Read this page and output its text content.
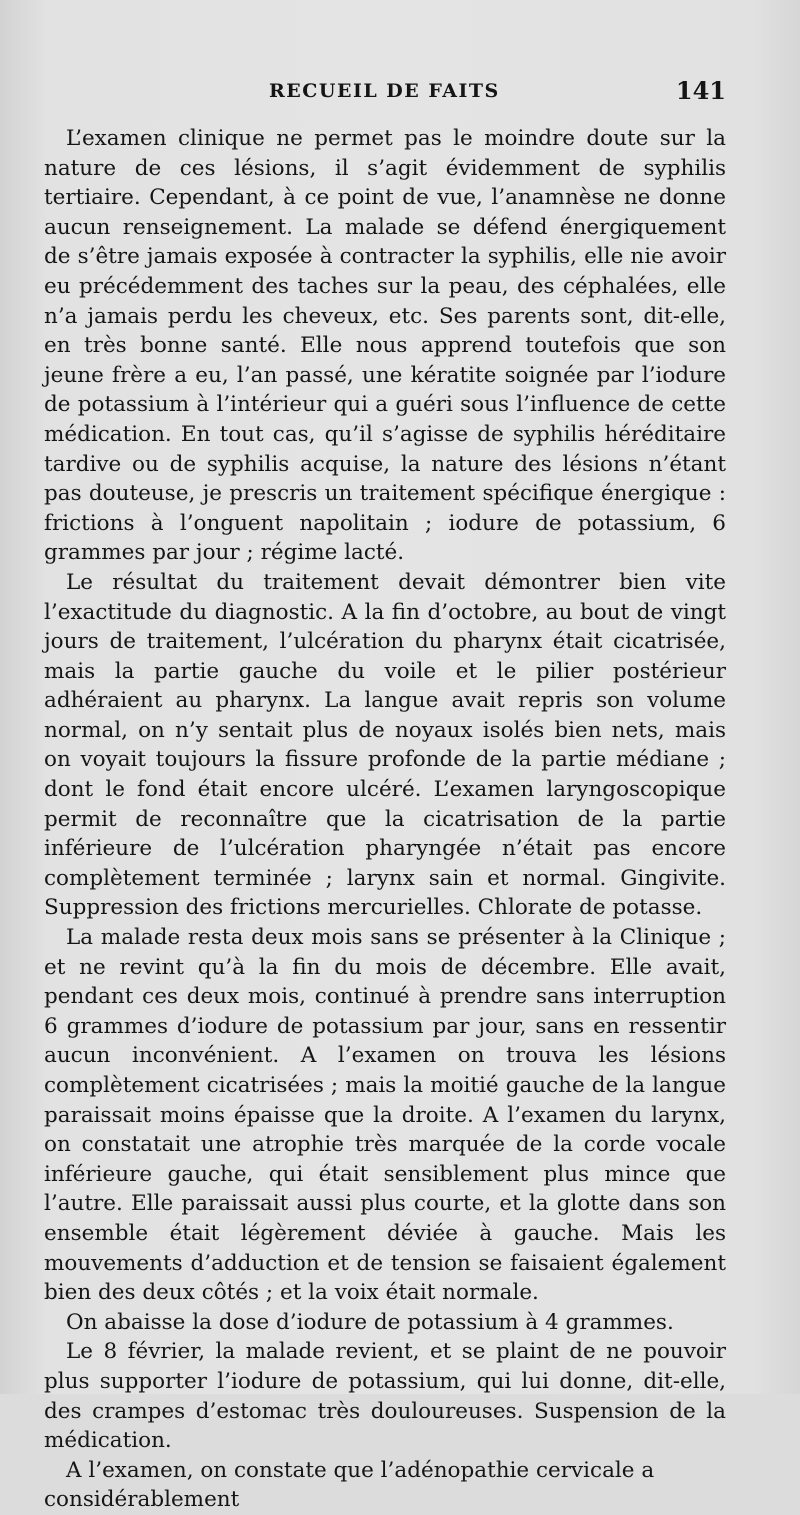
RECUEIL DE FAITS	141

L’examen clinique ne permet pas le moindre doute sur la nature de ces lésions, il s’agit évidemment de syphilis tertiaire. Cependant, à ce point de vue, l’anamnèse ne donne aucun renseignement. La malade se défend énergiquement de s’être jamais exposée à contracter la syphilis, elle nie avoir eu précédemment des taches sur la peau, des céphalées, elle n’a jamais perdu les cheveux, etc. Ses parents sont, dit-elle, en très bonne santé. Elle nous apprend toutefois que son jeune frère a eu, l’an passé, une kératite soignée par l’iodure de potassium à l’intérieur qui a guéri sous l’influence de cette médication. En tout cas, qu’il s’agisse de syphilis héréditaire tardive ou de syphilis acquise, la nature des lésions n’étant pas douteuse, je prescris un traitement spécifique énergique : frictions à l’onguent napolitain ; iodure de potassium, 6 grammes par jour ; régime lacté.

Le résultat du traitement devait démontrer bien vite l’exactitude du diagnostic. A la fin d’octobre, au bout de vingt jours de traitement, l’ulcération du pharynx était cicatrisée, mais la partie gauche du voile et le pilier postérieur adhéraient au pharynx. La langue avait repris son volume normal, on n’y sentait plus de noyaux isolés bien nets, mais on voyait toujours la fissure profonde de la partie médiane ; dont le fond était encore ulcéré. L’examen laryngoscopique permit de reconnaître que la cicatrisation de la partie inférieure de l’ulcération pharyngée n’était pas encore complètement terminée ; larynx sain et normal. Gingivite. Suppression des frictions mercurielles. Chlorate de potasse.

La malade resta deux mois sans se présenter à la Clinique ; et ne revint qu’à la fin du mois de décembre. Elle avait, pendant ces deux mois, continué à prendre sans interruption 6 grammes d’iodure de potassium par jour, sans en ressentir aucun inconvénient. A l’examen on trouva les lésions complètement cicatrisées ; mais la moitié gauche de la langue paraissait moins épaisse que la droite. A l’examen du larynx, on constatait une atrophie très marquée de la corde vocale inférieure gauche, qui était sensiblement plus mince que l’autre. Elle paraissait aussi plus courte, et la glotte dans son ensemble était légèrement déviée à gauche. Mais les mouvements d’adduction et de tension se faisaient également bien des deux côtés ; et la voix était normale.

On abaisse la dose d’iodure de potassium à 4 grammes.

Le 8 février, la malade revient, et se plaint de ne pouvoir plus supporter l’iodure de potassium, qui lui donne, dit-elle, des crampes d’estomac très douloureuses. Suspension de la médication.

A l’examen, on constate que l’adénopathie cervicale a considérablement
